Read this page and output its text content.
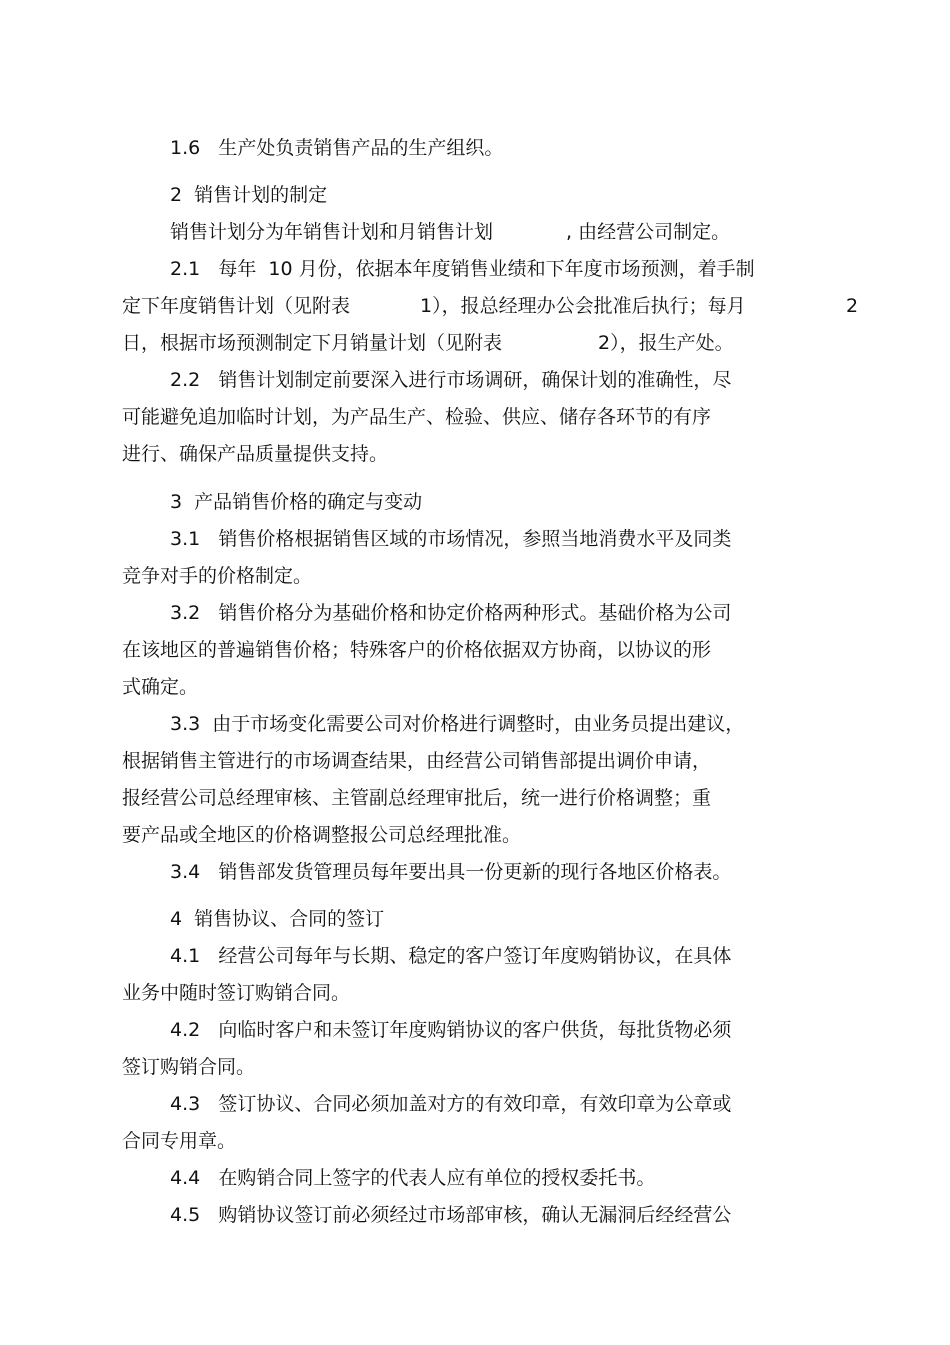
1.6   生产处负责销售产品的生产组织。
2  销售计划的制定
销售计划分为年销售计划和月销售计划	, 由经营公司制定。
2.1   每年  10 月份，依据本年度销售业绩和下年度市场预测，着手制
定下年度销售计划（见附表	1），报总经理办公会批准后执行；每月	2
日，根据市场预测制定下月销量计划（见附表	2），报生产处。
2.2   销售计划制定前要深入进行市场调研，确保计划的准确性，尽
可能避免追加临时计划，为产品生产、检验、供应、储存各环节的有序
进行、确保产品质量提供支持。
3  产品销售价格的确定与变动
3.1   销售价格根据销售区域的市场情况，参照当地消费水平及同类
竞争对手的价格制定。
3.2   销售价格分为基础价格和协定价格两种形式。基础价格为公司
在该地区的普遍销售价格；特殊客户的价格依据双方协商，以协议的形
式确定。
3.3  由于市场变化需要公司对价格进行调整时，由业务员提出建议，
根据销售主管进行的市场调查结果，由经营公司销售部提出调价申请，
报经营公司总经理审核、主管副总经理审批后，统一进行价格调整；重
要产品或全地区的价格调整报公司总经理批准。
3.4   销售部发货管理员每年要出具一份更新的现行各地区价格表。
4  销售协议、合同的签订
4.1   经营公司每年与长期、稳定的客户签订年度购销协议，在具体
业务中随时签订购销合同。
4.2   向临时客户和未签订年度购销协议的客户供货，每批货物必须
签订购销合同。
4.3   签订协议、合同必须加盖对方的有效印章，有效印章为公章或
合同专用章。
4.4   在购销合同上签字的代表人应有单位的授权委托书。
4.5   购销协议签订前必须经过市场部审核，确认无漏洞后经经营公
